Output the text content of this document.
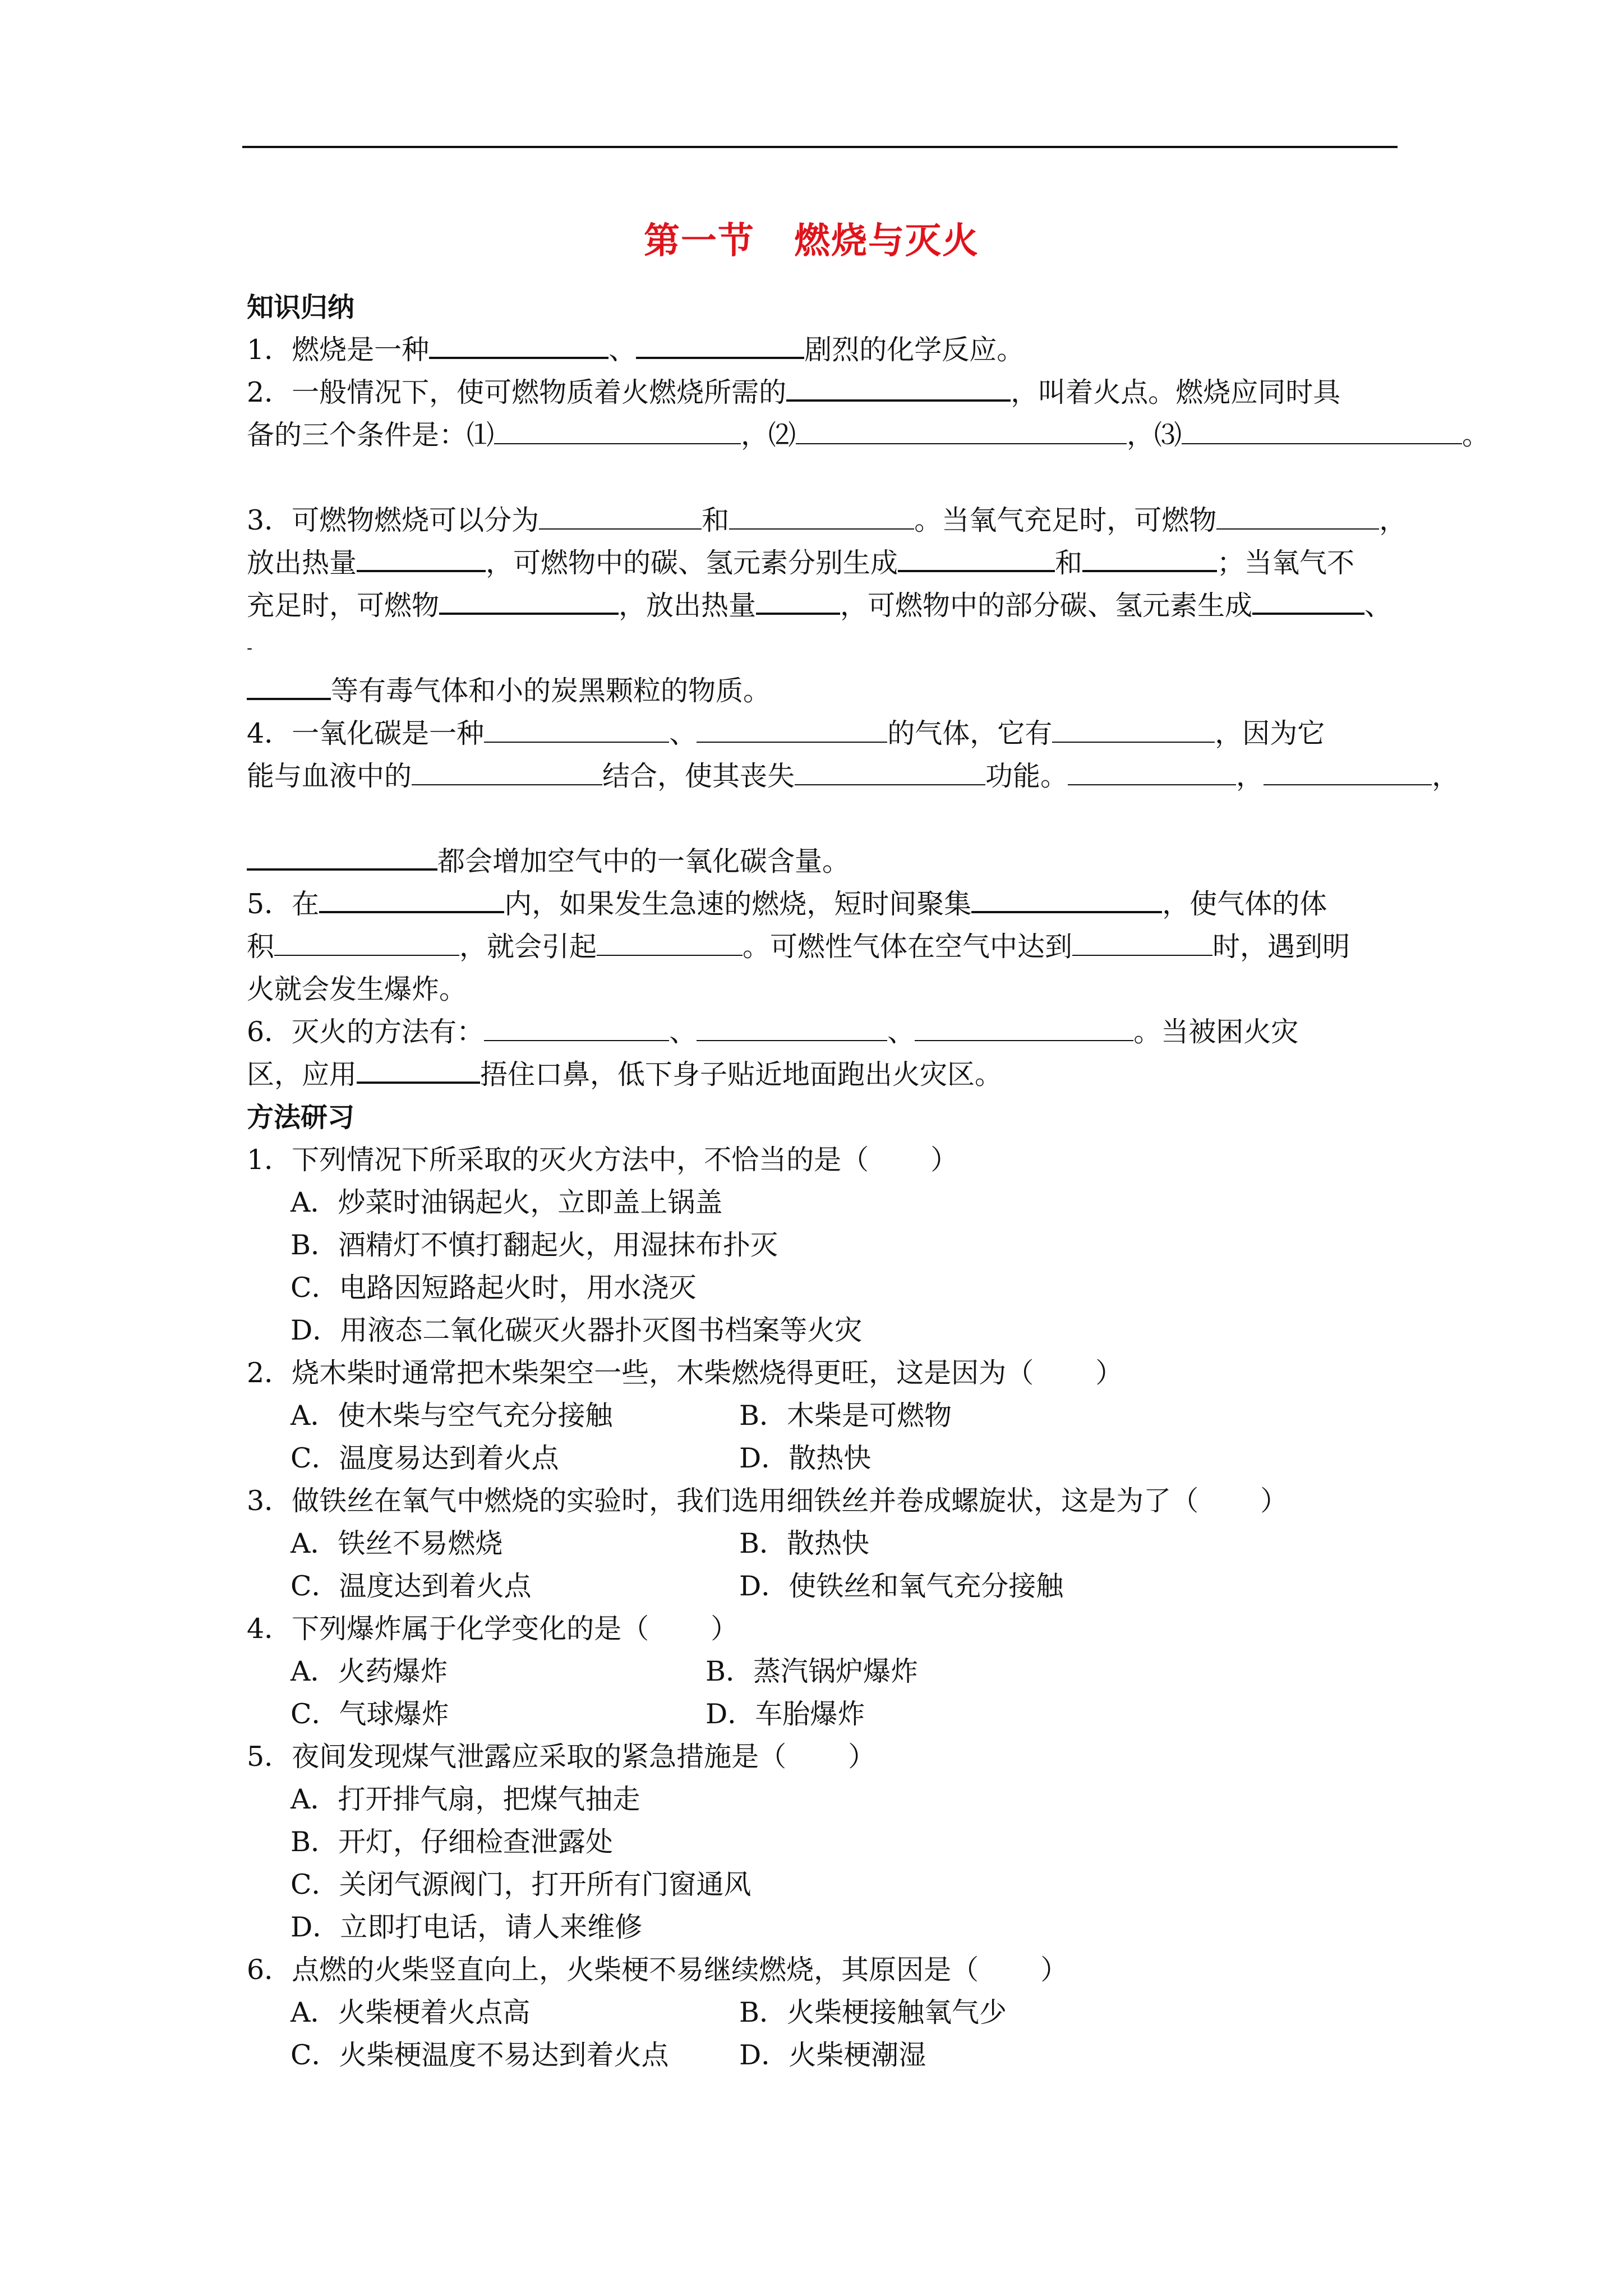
第一节 燃烧与灭火
知识归纳
1．燃烧是一种	、	剧烈的化学反应。
2．一般情况下，使可燃物质着火燃烧所需的	，叫着火点。燃烧应同时具
备的三个条件是：⑴	，⑵	，⑶	。
3．可燃物燃烧可以分为	和	。当氧气充足时，可燃物	，
放出热量	，可燃物中的碳、氢元素分别生成	和	；当氧气不
充足时，可燃物	，放出热量	，可燃物中的部分碳、氢元素生成	、
-
等有毒气体和小的炭黑颗粒的物质。
4．一氧化碳是一种	、	的气体，它有	，因为它
能与血液中的	结合，使其丧失	功能。	，	，
都会增加空气中的一氧化碳含量。
5．在	内，如果发生急速的燃烧，短时间聚集	，使气体的体
积	，就会引起	。可燃性气体在空气中达到	时，遇到明
火就会发生爆炸。
6．灭火的方法有：	、	、	。当被困火灾
区，应用	捂住口鼻，低下身子贴近地面跑出火灾区。
方法研习
1．下列情况下所采取的灭火方法中，不恰当的是（ ）
A．炒菜时油锅起火，立即盖上锅盖
B．酒精灯不慎打翻起火，用湿抹布扑灭
C．电路因短路起火时，用水浇灭
D．用液态二氧化碳灭火器扑灭图书档案等火灾
2．烧木柴时通常把木柴架空一些，木柴燃烧得更旺，这是因为（ ）
A．使木柴与空气充分接触	B．木柴是可燃物
C．温度易达到着火点	D．散热快
3．做铁丝在氧气中燃烧的实验时，我们选用细铁丝并卷成螺旋状，这是为了（ ）
A．铁丝不易燃烧	B．散热快
C．温度达到着火点	D．使铁丝和氧气充分接触
4．下列爆炸属于化学变化的是（ ）
A．火药爆炸	B．蒸汽锅炉爆炸
C．气球爆炸	D．车胎爆炸
5．夜间发现煤气泄露应采取的紧急措施是（ ）
A．打开排气扇，把煤气抽走
B．开灯，仔细检查泄露处
C．关闭气源阀门，打开所有门窗通风
D．立即打电话，请人来维修
6．点燃的火柴竖直向上，火柴梗不易继续燃烧，其原因是（ ）
A．火柴梗着火点高	B．火柴梗接触氧气少
C．火柴梗温度不易达到着火点	D．火柴梗潮湿
